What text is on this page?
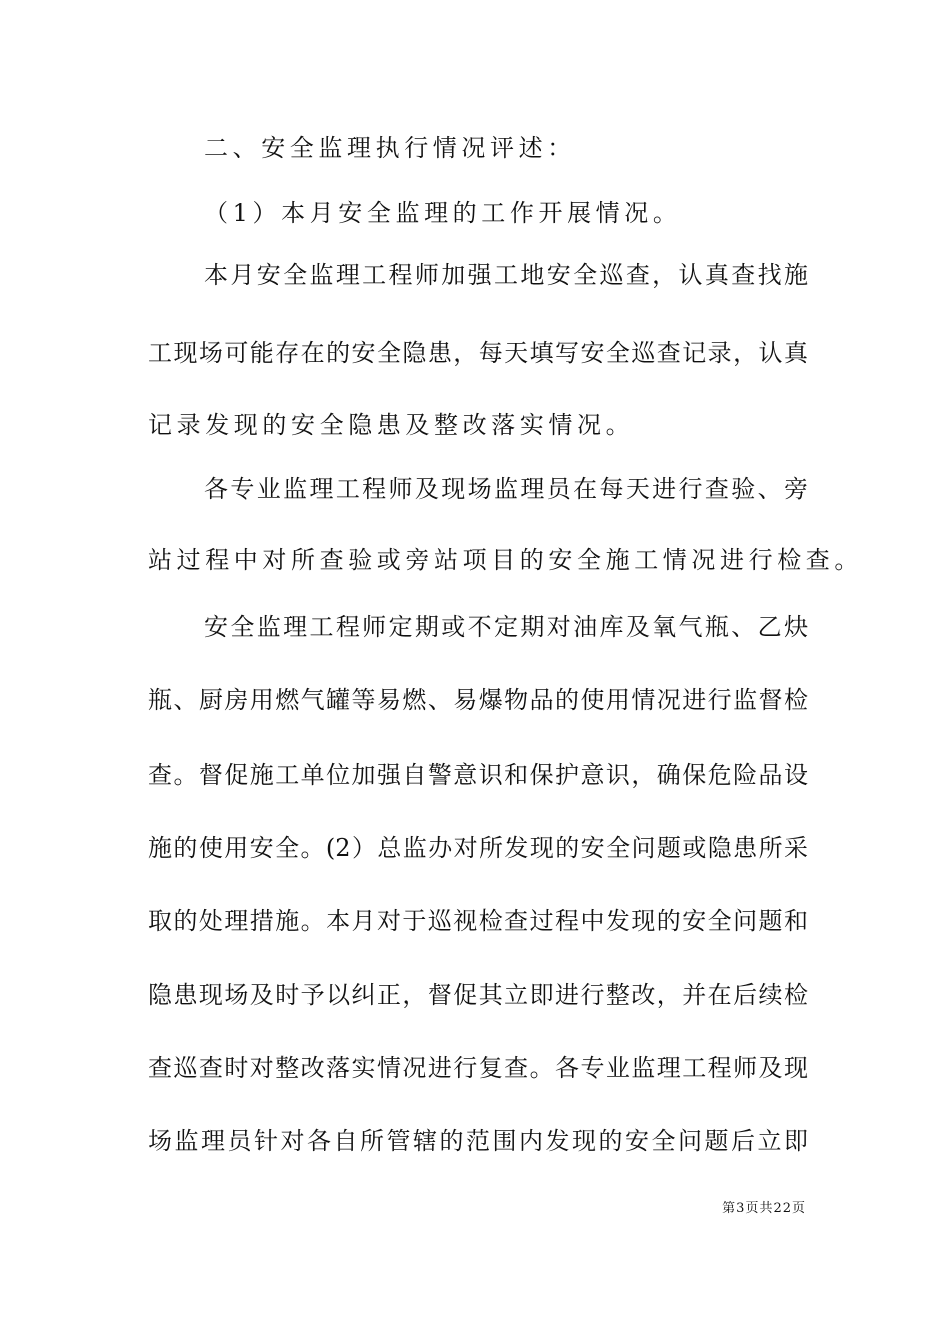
二、安全监理执行情况评述：
（1）本月安全监理的工作开展情况。
本月安全监理工程师加强工地安全巡查，认真查找施
工现场可能存在的安全隐患，每天填写安全巡查记录，认真
记录发现的安全隐患及整改落实情况。
各专业监理工程师及现场监理员在每天进行查验、旁
站过程中对所查验或旁站项目的安全施工情况进行检查。
安全监理工程师定期或不定期对油库及氧气瓶、乙炔
瓶、厨房用燃气罐等易燃、易爆物品的使用情况进行监督检
查。督促施工单位加强自警意识和保护意识，确保危险品设
施的使用安全。(2）总监办对所发现的安全问题或隐患所采
取的处理措施。本月对于巡视检查过程中发现的安全问题和
隐患现场及时予以纠正，督促其立即进行整改，并在后续检
查巡查时对整改落实情况进行复查。各专业监理工程师及现
场监理员针对各自所管辖的范围内发现的安全问题后立即
第3页共22页
